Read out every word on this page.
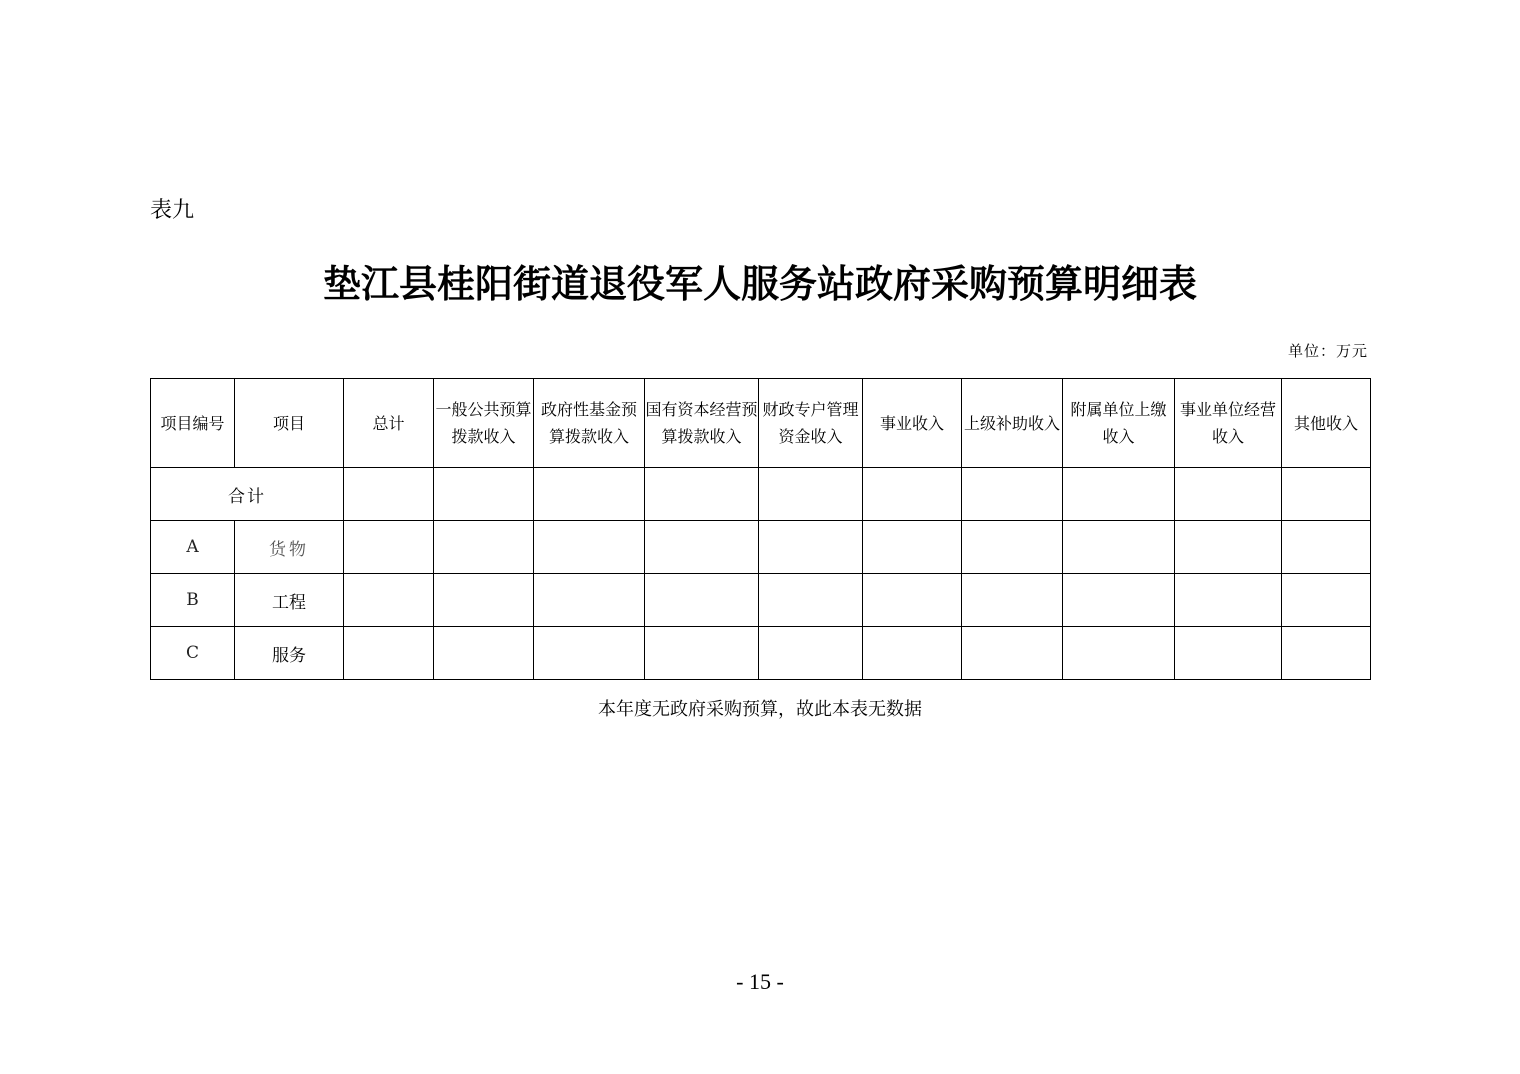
表九
垫江县桂阳街道退役军人服务站政府采购预算明细表
单位：万元
项目编号	项目	总计	一般公共预算拨款收入	政府性基金预算拨款收入	国有资本经营预算拨款收入	财政专户管理资金收入	事业收入	上级补助收入	附属单位上缴收入	事业单位经营收入	其他收入
合计											
A	货物										
B	工程										
C	服务										
本年度无政府采购预算，故此本表无数据
- 15 -
